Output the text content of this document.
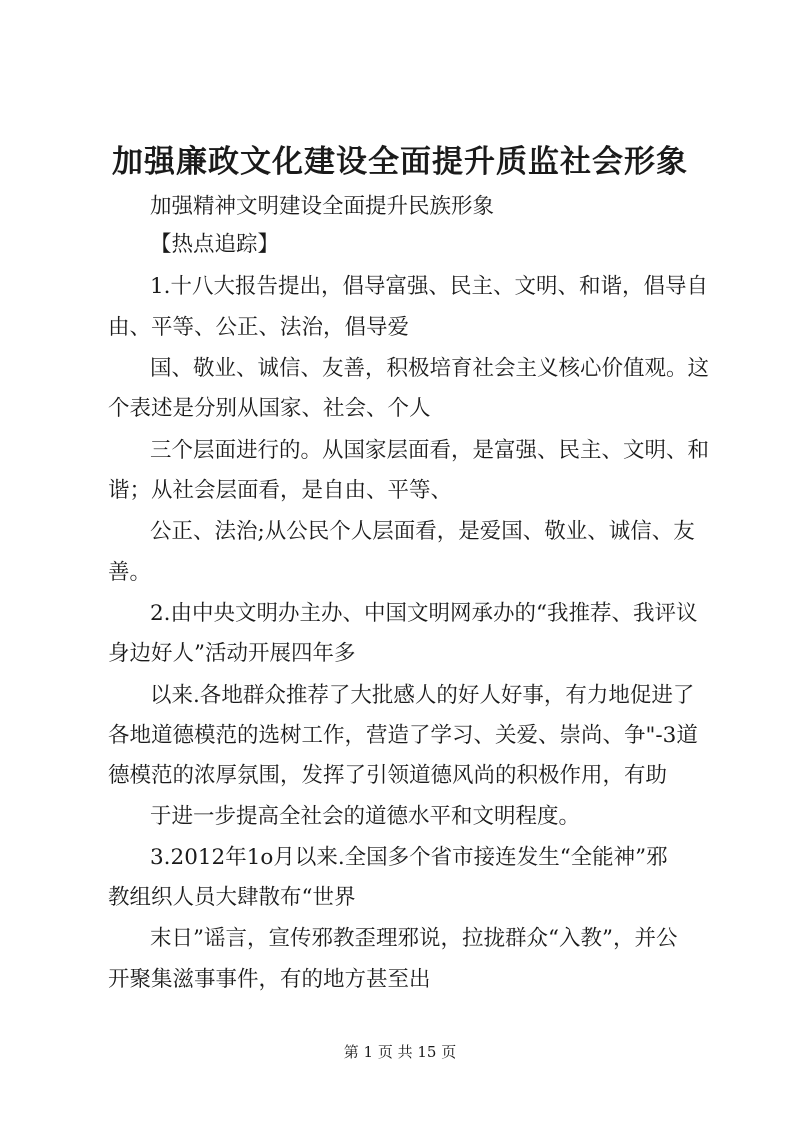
加强廉政文化建设全面提升质监社会形象
加强精神文明建设全面提升民族形象
【热点追踪】
1.十八大报告提出，倡导富强、民主、文明、和谐，倡导自
由、平等、公正、法治，倡导爱
国、敬业、诚信、友善，积极培育社会主义核心价值观。这
个表述是分别从国家、社会、个人
三个层面进行的。从国家层面看，是富强、民主、文明、和
谐；从社会层面看，是自由、平等、
公正、法治;从公民个人层面看，是爱国、敬业、诚信、友
善。
2.由中央文明办主办、中国文明网承办的“我推荐、我评议
身边好人”活动开展四年多
以来.各地群众推荐了大批感人的好人好事，有力地促进了
各地道德模范的选树工作，营造了学习、关爱、崇尚、争"-3道
德模范的浓厚氛围，发挥了引领道德风尚的积极作用，有助
于进一步提高全社会的道德水平和文明程度。
3.2012年1o月以来.全国多个省市接连发生“全能神”邪
教组织人员大肆散布“世界
末日”谣言，宣传邪教歪理邪说，拉拢群众“入教”，并公
开聚集滋事事件，有的地方甚至出
第 1 页 共 15 页
